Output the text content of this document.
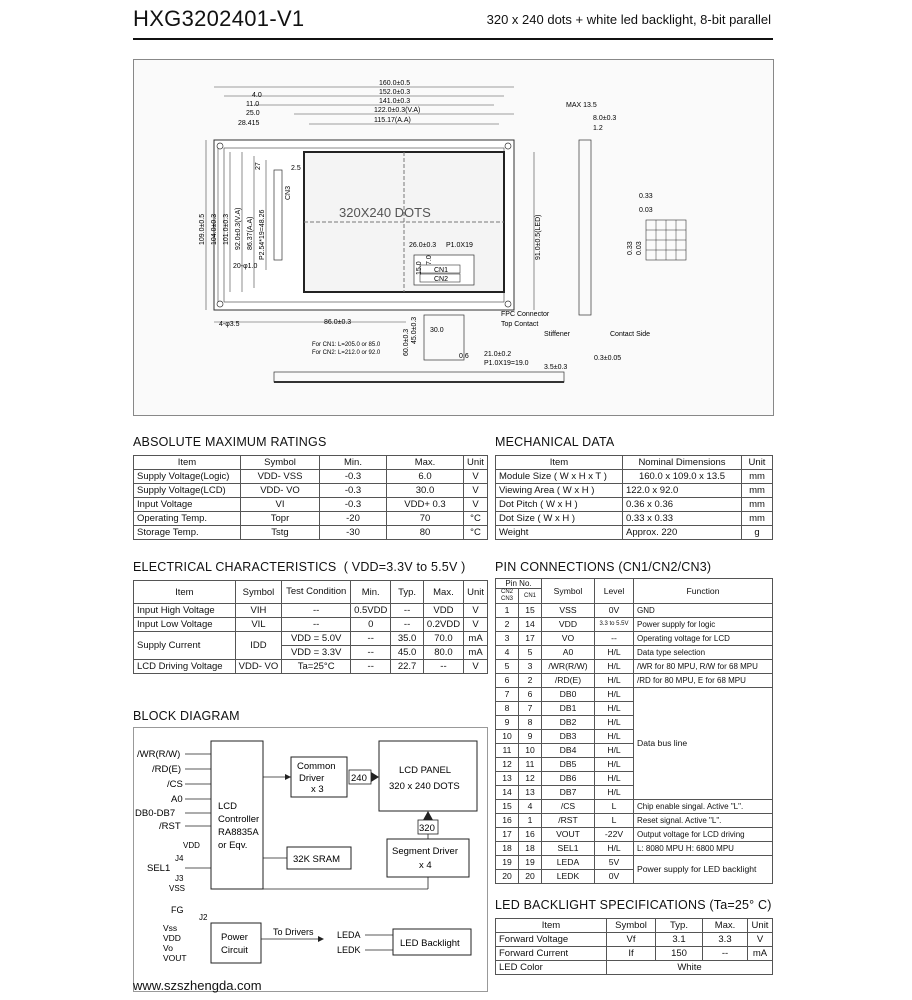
HXG3202401-V1	320 x 240 dots + white led backlight, 8-bit parallel
320X240 DOTS
160.0±0.5
152.0±0.3
141.0±0.3
122.0±0.3(V.A)
115.17(A.A)
4.0
11.0
25.0
28.415
109.0±0.5 104.0±0.3 101.0±0.3 92.0±0.3(V.A) 86.37(A.A) P2.54*19=48.26
CN3
27	2.5
20-φ1.0
CN1
CN2
26.0±0.3 P1.0X19
15.0
7.0
91.0±0.5(LED)
4-φ3.5	86.0±0.3
FPC Connector
Top Contact
Stiffener	Contact Side
45.0±0.3
60.0±0.3	30.0
0.6 21.0±0.2
P1.0X19=19.0
3.5±0.3
For CN1: L=205.0 or 85.0
For CN2: L=212.0 or 92.0
MAX 13.5
8.0±0.3
1.2
0.3±0.05
0.33
0.03
0.33 0.03
ABSOLUTE MAXIMUM RATINGS
Item	Symbol	Min.	Max.	Unit
Supply Voltage(Logic)	VDD- VSS	-0.3	6.0	V
Supply Voltage(LCD)	VDD- VO	-0.3	30.0	V
Input Voltage	VI	-0.3	VDD+ 0.3	V
Operating Temp.	Topr	-20	70	°C
Storage Temp.	Tstg	-30	80	°C
MECHANICAL DATA
Item	Nominal Dimensions	Unit
Module Size ( W x H x T )	160.0 x 109.0 x 13.5	mm
Viewing Area ( W x H )	122.0 x 92.0	mm
Dot Pitch ( W x H )	0.36 x 0.36	mm
Dot Size ( W x H )	0.33 x 0.33	mm
Weight	Approx. 220	g
ELECTRICAL CHARACTERISTICS ( VDD=3.3V to 5.5V )
Item	Symbol	Test Condition	Min.	Typ.	Max.	Unit
Input High Voltage	VIH	--	0.5VDD	--	VDD	V
Input Low Voltage	VIL	--	0	--	0.2VDD	V
Supply Current	IDD	VDD = 5.0V	--	35.0	70.0	mA
		VDD = 3.3V	--	45.0	80.0	mA
LCD Driving Voltage	VDD- VO	Ta=25°C	--	22.7	--	V
PIN CONNECTIONS (CN1/CN2/CN3)
Pin No.		Symbol	Level	Function
CN2 CN3	CN1			
1	15	VSS	0V	GND
2	14	VDD	3.3 to 5.5V	Power supply for logic
3	17	VO	--	Operating voltage for LCD
4	5	A0	H/L	Data type selection
5	3	/WR(R/W)	H/L	/WR for 80 MPU, R/W for 68 MPU
6	2	/RD(E)	H/L	/RD for 80 MPU, E for 68 MPU
7	6	DB0	H/L	Data bus line
8	7	DB1	H/L	
9	8	DB2	H/L	
10	9	DB3	H/L	
11	10	DB4	H/L	
12	11	DB5	H/L	
13	12	DB6	H/L	
14	13	DB7	H/L	
15	4	/CS	L	Chip enable singal. Active "L".
16	1	/RST	L	Reset signal. Active "L".
17	16	VOUT	-22V	Output voltage for LCD driving
18	18	SEL1	H/L	L: 8080 MPU H: 6800 MPU
19	19	LEDA	5V	Power supply for LED backlight
20	20	LEDK	0V	
BLOCK DIAGRAM
LCD
Controller
RA8835A
or Eqv.
/WR(R/W)
/RD(E)
/CS
A0
DB0-DB7
/RST
Common
Driver
x 3
240
LCD PANEL
320 x 240 DOTS
320
32K SRAM
Segment Driver
x 4
VDD
J4
SEL1
J3
VSS
FG
J2
Vss
VDD
Vo
VOUT
Power
Circuit
To Drivers	LEDA
LEDK
LED Backlight
LED BACKLIGHT SPECIFICATIONS (Ta=25° C)
Item	Symbol	Typ.	Max.	Unit
Forward Voltage	Vf	3.1	3.3	V
Forward Current	If	150	--	mA
LED Color	White			
www.szszhengda.com
